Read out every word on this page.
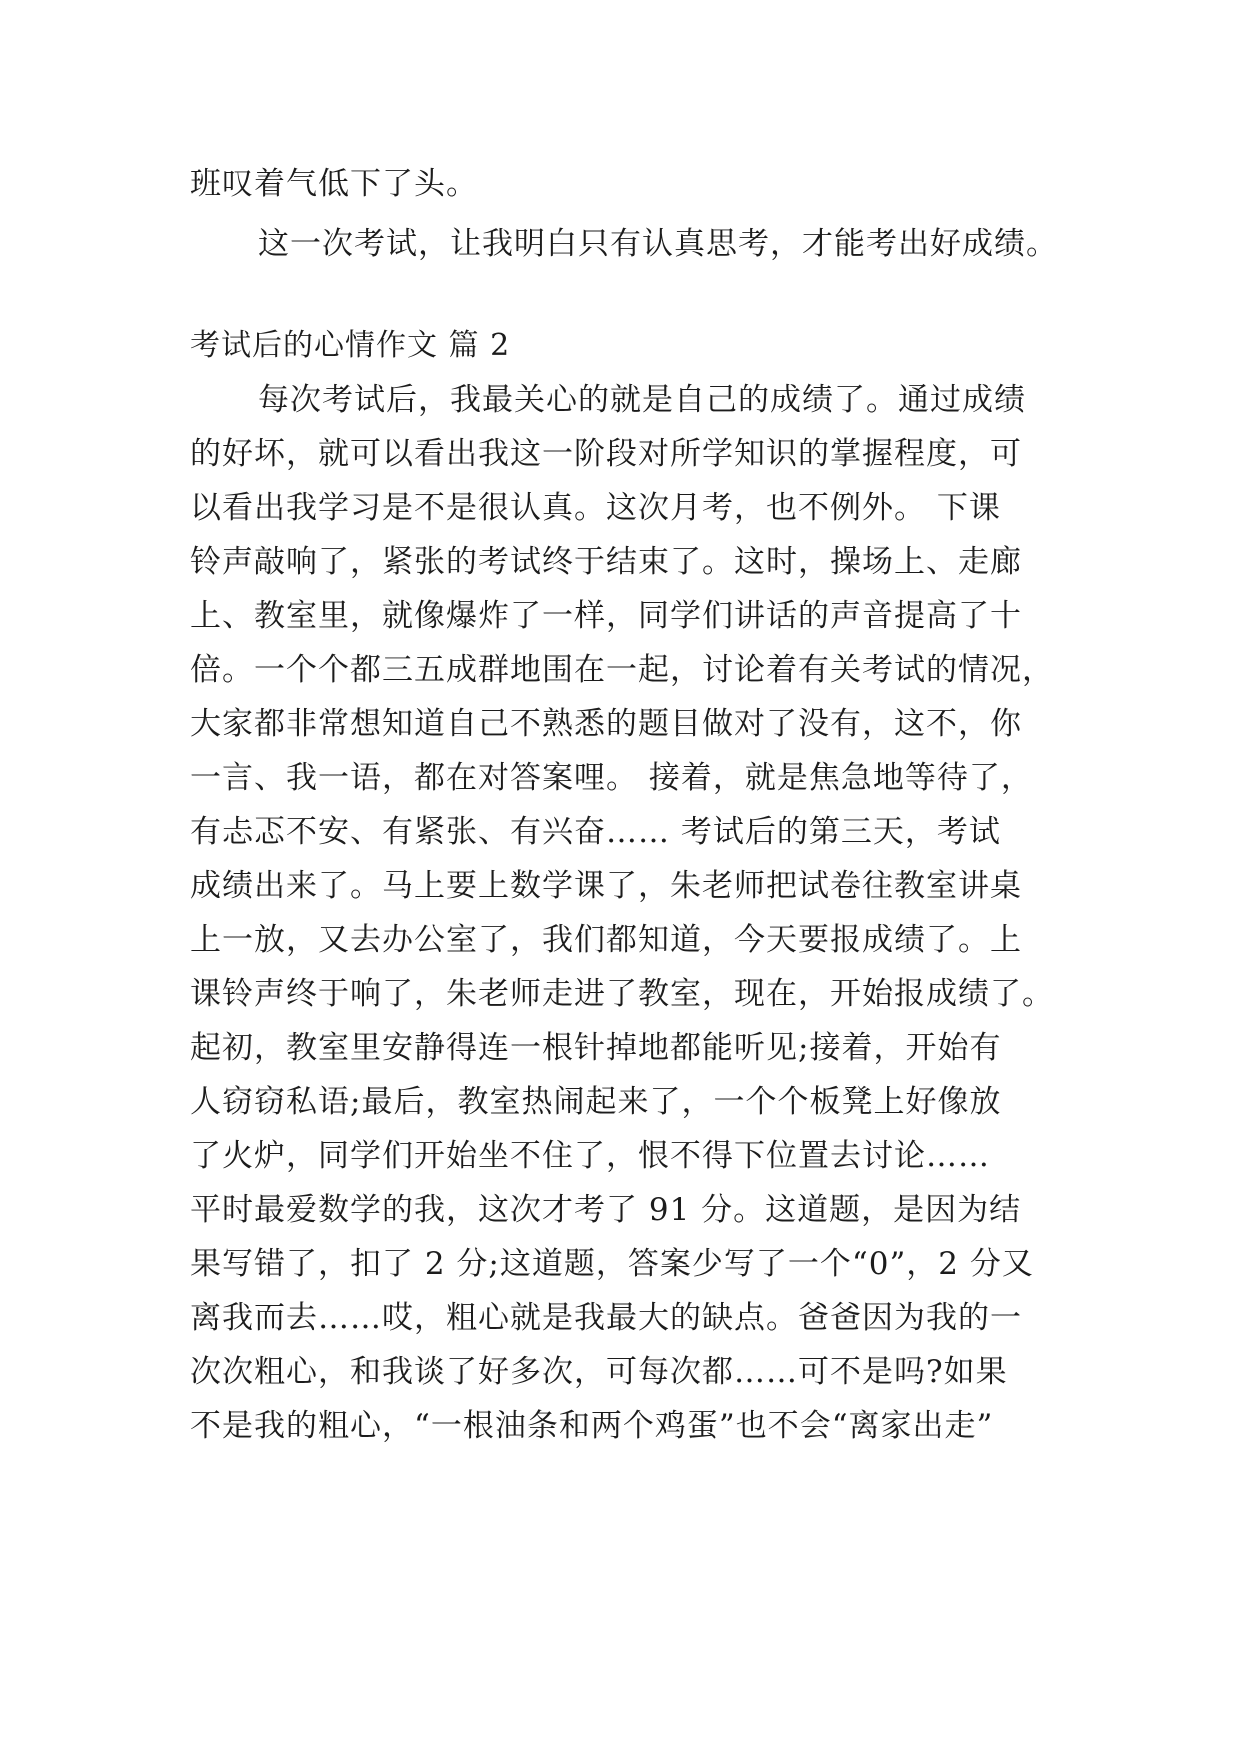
班叹着气低下了头。
这一次考试，让我明白只有认真思考，才能考出好成绩。
考试后的心情作文 篇 2
每次考试后，我最关心的就是自己的成绩了。通过成绩
的好坏，就可以看出我这一阶段对所学知识的掌握程度，可
以看出我学习是不是很认真。这次月考，也不例外。 下课
铃声敲响了，紧张的考试终于结束了。这时，操场上、走廊
上、教室里，就像爆炸了一样，同学们讲话的声音提高了十
倍。一个个都三五成群地围在一起，讨论着有关考试的情况，
大家都非常想知道自己不熟悉的题目做对了没有，这不，你
一言、我一语，都在对答案哩。 接着，就是焦急地等待了，
有忐忑不安、有紧张、有兴奋…… 考试后的第三天，考试
成绩出来了。马上要上数学课了，朱老师把试卷往教室讲桌
上一放，又去办公室了，我们都知道，今天要报成绩了。上
课铃声终于响了，朱老师走进了教室，现在，开始报成绩了。
起初，教室里安静得连一根针掉地都能听见;接着，开始有
人窃窃私语;最后，教室热闹起来了，一个个板凳上好像放
了火炉，同学们开始坐不住了，恨不得下位置去讨论……
平时最爱数学的我，这次才考了 91 分。这道题，是因为结
果写错了，扣了 2 分;这道题，答案少写了一个“0”，2 分又
离我而去……哎，粗心就是我最大的缺点。爸爸因为我的一
次次粗心，和我谈了好多次，可每次都……可不是吗?如果
不是我的粗心，“一根油条和两个鸡蛋”也不会“离家出走”
